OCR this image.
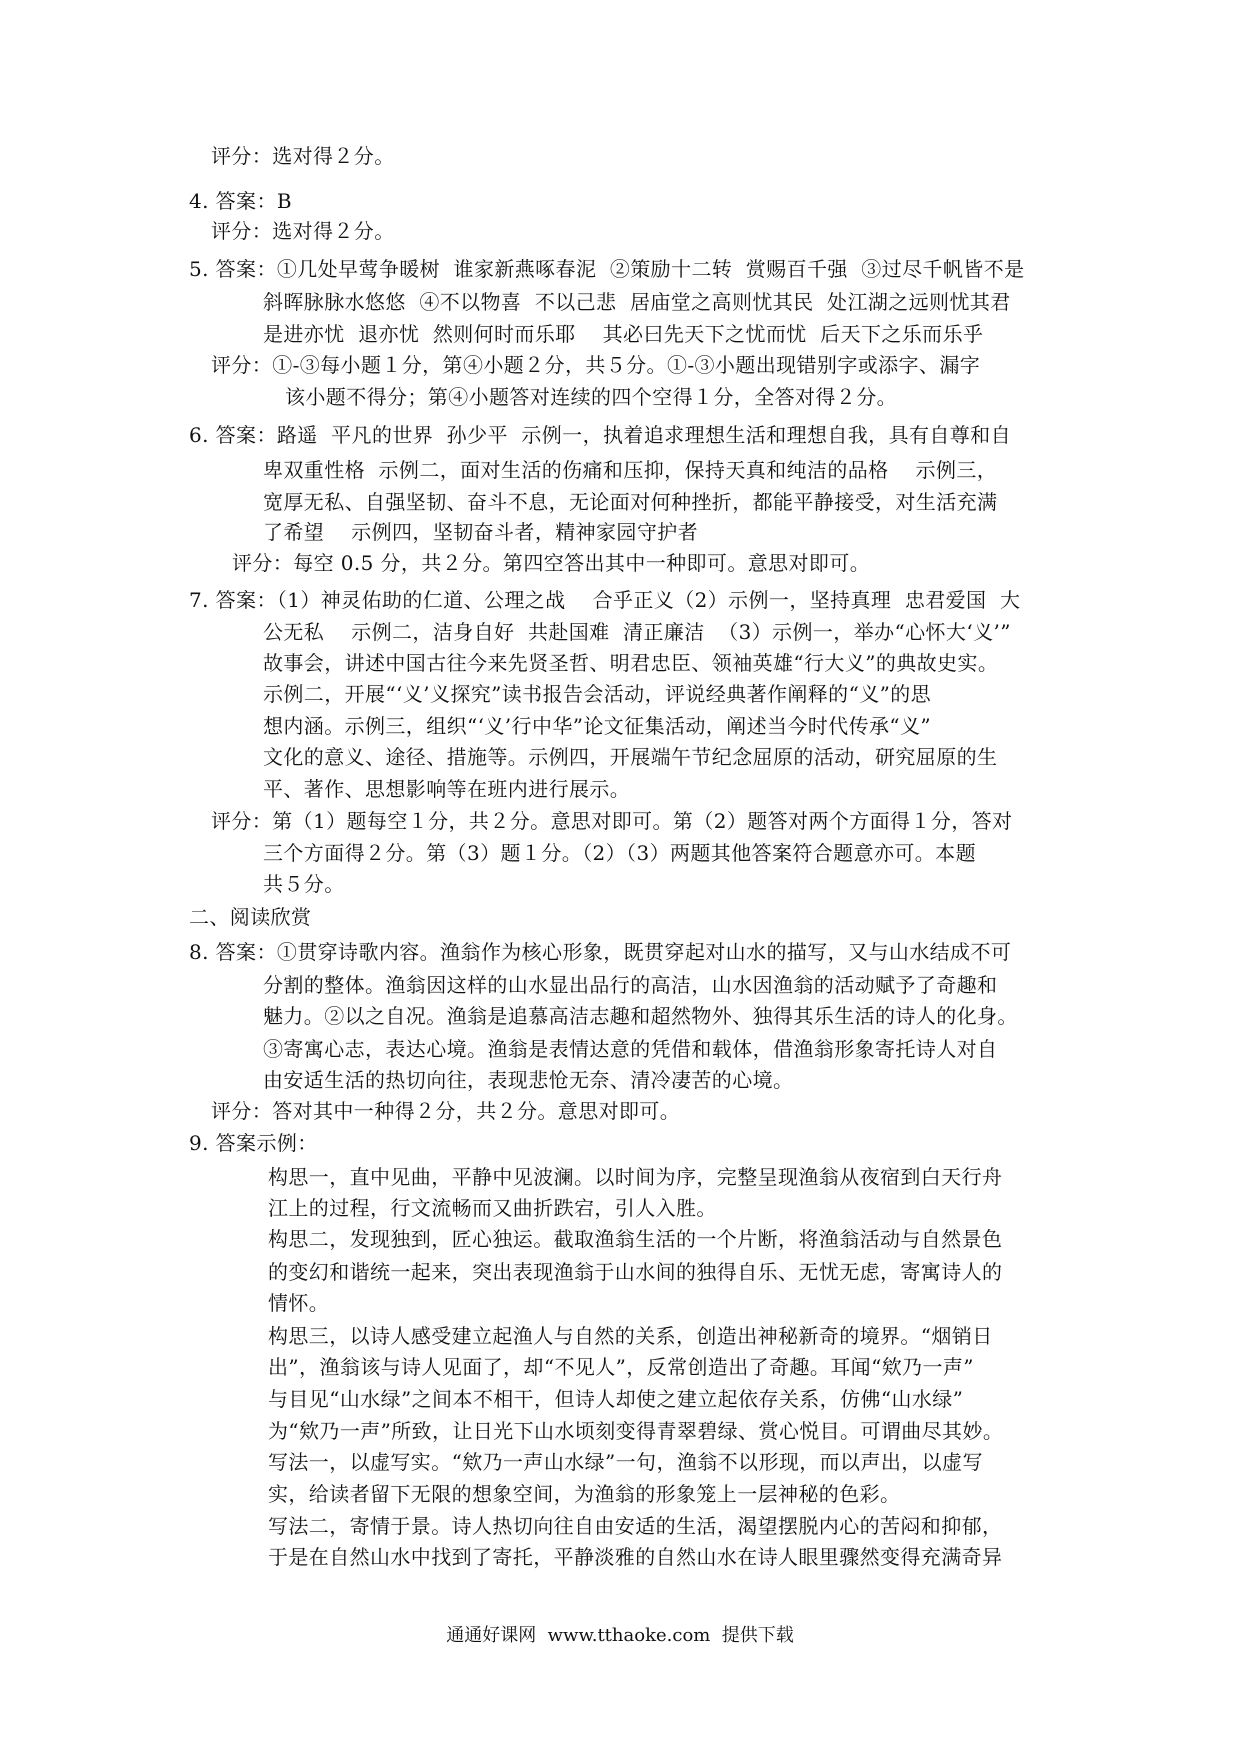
评分：选对得２分。
4. 答案：B
评分：选对得２分。
5. 答案：①几处早莺争暖树  谁家新燕啄春泥  ②策励十二转  赏赐百千强  ③过尽千帆皆不是
斜晖脉脉水悠悠  ④不以物喜  不以己悲  居庙堂之高则忧其民  处江湖之远则忧其君
是进亦忧  退亦忧  然则何时而乐耶    其必曰先天下之忧而忧  后天下之乐而乐乎
评分：①-③每小题１分，第④小题２分，共５分。①-③小题出现错别字或添字、漏字
该小题不得分；第④小题答对连续的四个空得１分，全答对得２分。
6. 答案：路遥  平凡的世界  孙少平  示例一，执着追求理想生活和理想自我，具有自尊和自
卑双重性格  示例二，面对生活的伤痛和压抑，保持天真和纯洁的品格    示例三，
宽厚无私、自强坚韧、奋斗不息，无论面对何种挫折，都能平静接受，对生活充满
了希望    示例四，坚韧奋斗者，精神家园守护者
评分：每空 0.5 分，共２分。第四空答出其中一种即可。意思对即可。
7. 答案：（1）神灵佑助的仁道、公理之战    合乎正义（2）示例一，坚持真理  忠君爱国  大
公无私    示例二，洁身自好  共赴国难  清正廉洁  （3）示例一，举办“心怀大‘义’”
故事会，讲述中国古往今来先贤圣哲、明君忠臣、领袖英雄“行大义”的典故史实。
示例二，开展“‘义’义探究”读书报告会活动，评说经典著作阐释的“义”的思
想内涵。示例三，组织“‘义’行中华”论文征集活动，阐述当今时代传承“义”
文化的意义、途径、措施等。示例四，开展端午节纪念屈原的活动，研究屈原的生
平、著作、思想影响等在班内进行展示。
评分：第（1）题每空１分，共２分。意思对即可。第（2）题答对两个方面得１分，答对
三个方面得２分。第（3）题１分。（2）（3）两题其他答案符合题意亦可。本题
共５分。
二、阅读欣赏
8. 答案：①贯穿诗歌内容。渔翁作为核心形象，既贯穿起对山水的描写，又与山水结成不可
分割的整体。渔翁因这样的山水显出品行的高洁，山水因渔翁的活动赋予了奇趣和
魅力。②以之自况。渔翁是追慕高洁志趣和超然物外、独得其乐生活的诗人的化身。
③寄寓心志，表达心境。渔翁是表情达意的凭借和载体，借渔翁形象寄托诗人对自
由安适生活的热切向往，表现悲怆无奈、清冷凄苦的心境。
评分：答对其中一种得２分，共２分。意思对即可。
9. 答案示例：
构思一，直中见曲，平静中见波澜。以时间为序，完整呈现渔翁从夜宿到白天行舟
江上的过程，行文流畅而又曲折跌宕，引人入胜。
构思二，发现独到，匠心独运。截取渔翁生活的一个片断，将渔翁活动与自然景色
的变幻和谐统一起来，突出表现渔翁于山水间的独得自乐、无忧无虑，寄寓诗人的
情怀。
构思三，以诗人感受建立起渔人与自然的关系，创造出神秘新奇的境界。“烟销日
出”，渔翁该与诗人见面了，却“不见人”，反常创造出了奇趣。耳闻“欸乃一声”
与目见“山水绿”之间本不相干，但诗人却使之建立起依存关系，仿佛“山水绿”
为“欸乃一声”所致，让日光下山水顷刻变得青翠碧绿、赏心悦目。可谓曲尽其妙。
写法一，以虚写实。“欸乃一声山水绿”一句，渔翁不以形现，而以声出，以虚写
实，给读者留下无限的想象空间，为渔翁的形象笼上一层神秘的色彩。
写法二，寄情于景。诗人热切向往自由安适的生活，渴望摆脱内心的苦闷和抑郁，
于是在自然山水中找到了寄托，平静淡雅的自然山水在诗人眼里骤然变得充满奇异
通通好课网  www.tthaoke.com  提供下载
